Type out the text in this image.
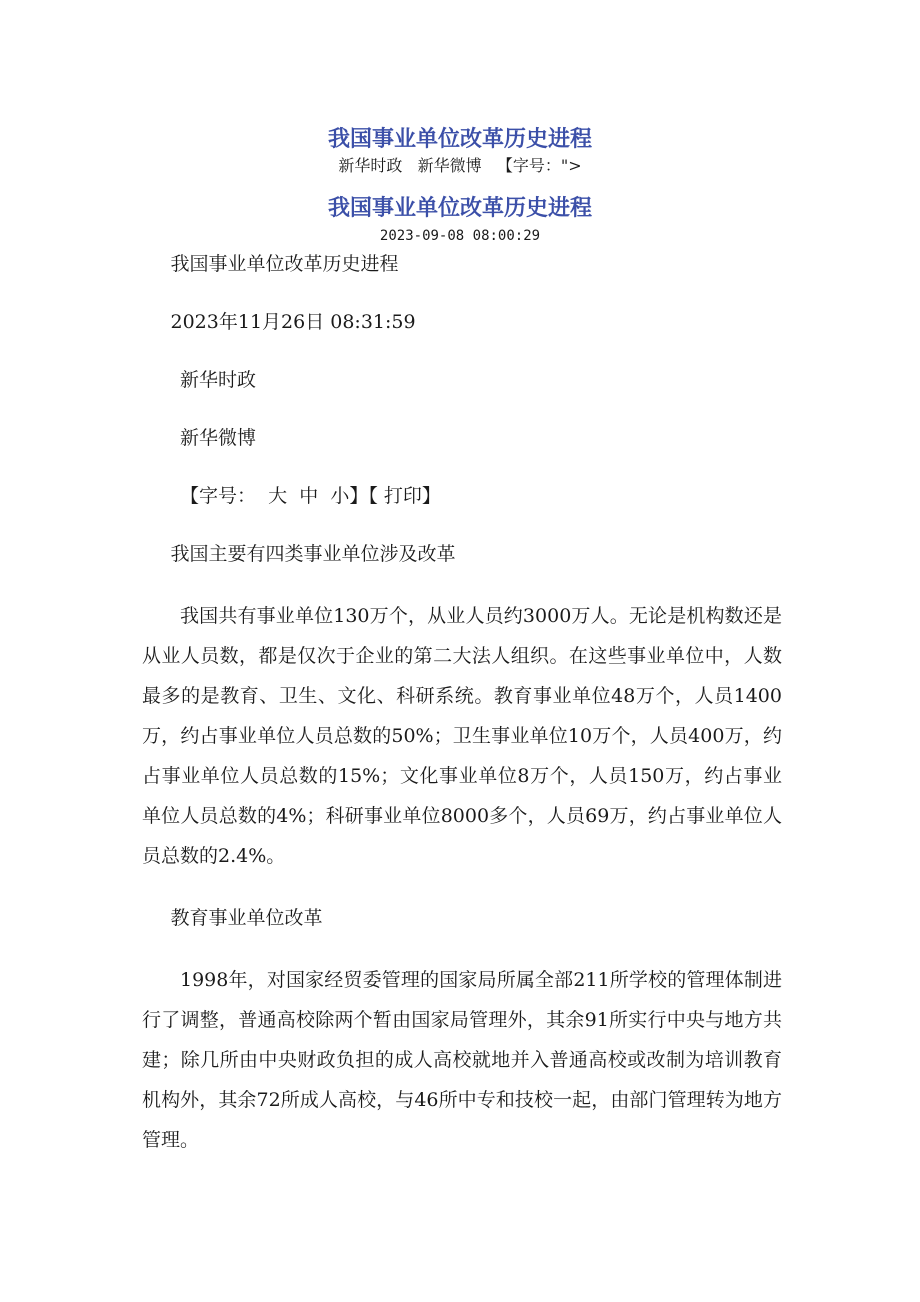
我国事业单位改革历史进程
新华时政 新华微博 【字号：">
我国事业单位改革历史进程
2023-09-08 08:00:29

我国事业单位改革历史进程

2023年11月26日 08:31:59

新华时政

新华微博

【字号： 大 中 小】【 打印】

我国主要有四类事业单位涉及改革

我国共有事业单位130万个，从业人员约3000万人。无论是机构数还是从业人员数，都是仅次于企业的第二大法人组织。在这些事业单位中，人数最多的是教育、卫生、文化、科研系统。教育事业单位48万个，人员1400万，约占事业单位人员总数的50%；卫生事业单位10万个，人员400万，约占事业单位人员总数的15%；文化事业单位8万个，人员150万，约占事业单位人员总数的4%；科研事业单位8000多个，人员69万，约占事业单位人员总数的2.4%。

教育事业单位改革

1998年，对国家经贸委管理的国家局所属全部211所学校的管理体制进行了调整，普通高校除两个暂由国家局管理外，其余91所实行中央与地方共建；除几所由中央财政负担的成人高校就地并入普通高校或改制为培训教育机构外，其余72所成人高校，与46所中专和技校一起，由部门管理转为地方管理。
